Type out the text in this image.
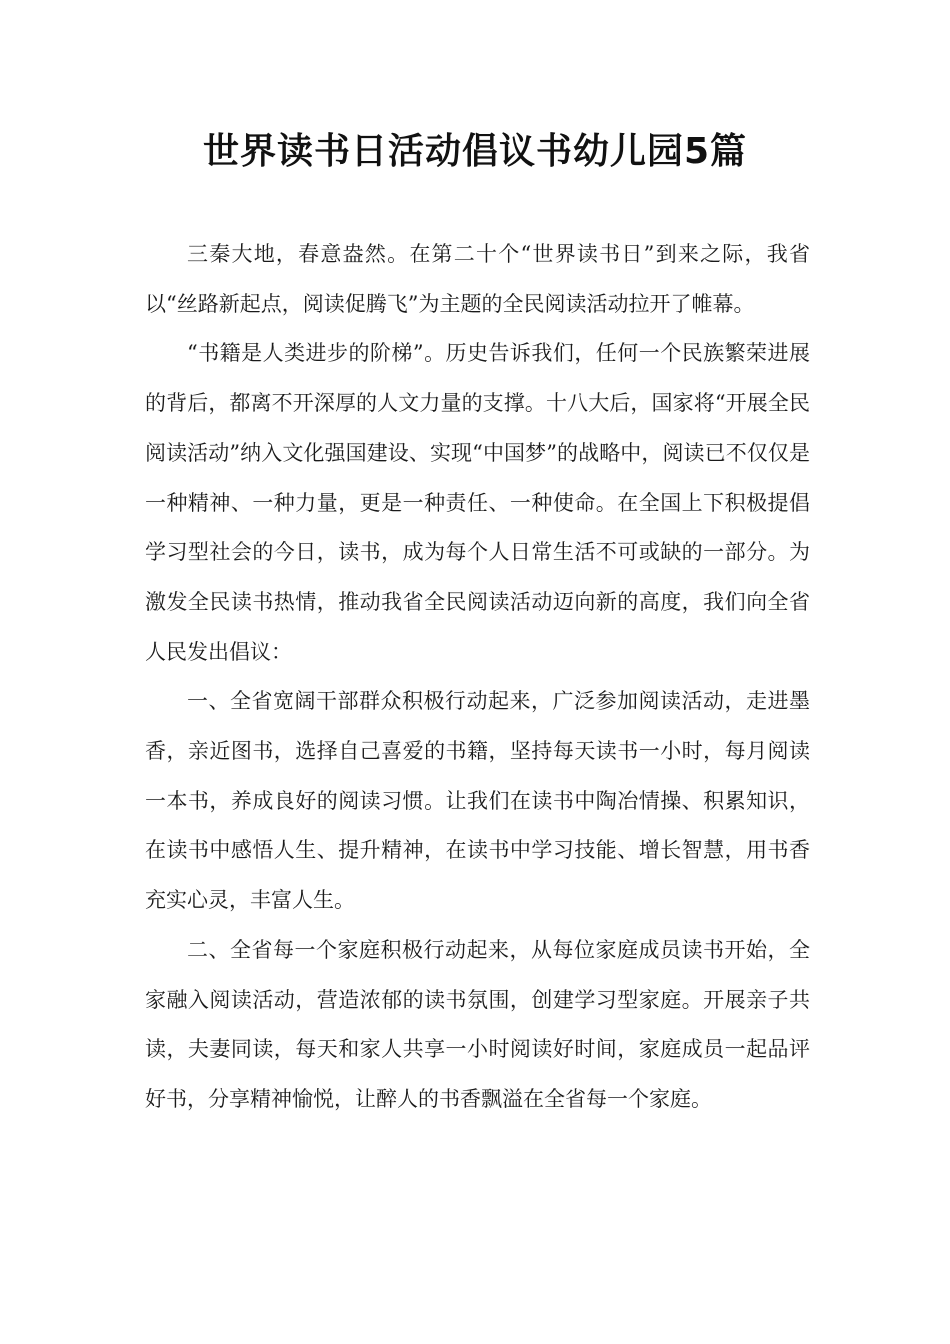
世界读书日活动倡议书幼儿园5篇

三秦大地，春意盎然。在第二十个“世界读书日”到来之际，我省以“丝路新起点，阅读促腾飞”为主题的全民阅读活动拉开了帷幕。

“书籍是人类进步的阶梯”。历史告诉我们，任何一个民族繁荣进展的背后，都离不开深厚的人文力量的支撑。十八大后，国家将“开展全民阅读活动”纳入文化强国建设、实现“中国梦”的战略中，阅读已不仅仅是一种精神、一种力量，更是一种责任、一种使命。在全国上下积极提倡学习型社会的今日，读书，成为每个人日常生活不可或缺的一部分。为激发全民读书热情，推动我省全民阅读活动迈向新的高度，我们向全省人民发出倡议：

一、全省宽阔干部群众积极行动起来，广泛参加阅读活动，走进墨香，亲近图书，选择自己喜爱的书籍，坚持每天读书一小时，每月阅读一本书，养成良好的阅读习惯。让我们在读书中陶冶情操、积累知识，在读书中感悟人生、提升精神，在读书中学习技能、增长智慧，用书香充实心灵，丰富人生。

二、全省每一个家庭积极行动起来，从每位家庭成员读书开始，全家融入阅读活动，营造浓郁的读书氛围，创建学习型家庭。开展亲子共读，夫妻同读，每天和家人共享一小时阅读好时间，家庭成员一起品评好书，分享精神愉悦，让醉人的书香飘溢在全省每一个家庭。
